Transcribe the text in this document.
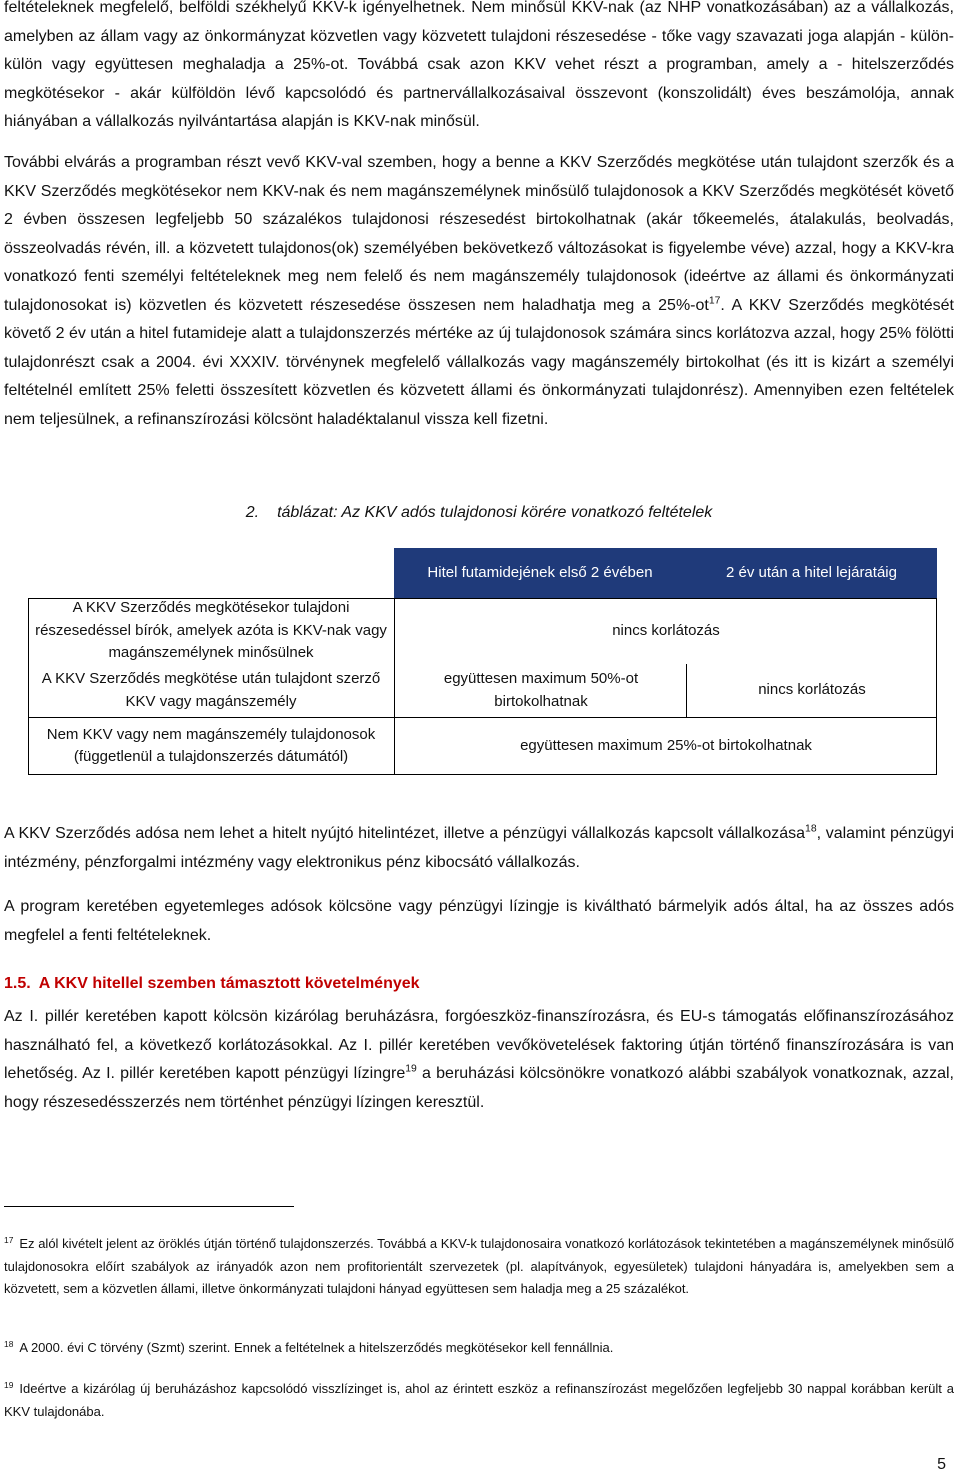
feltételeknek megfelelő, belföldi székhelyű KKV-k igényelhetnek. Nem minősül KKV-nak (az NHP vonatkozásában) az a vállalkozás, amelyben az állam vagy az önkormányzat közvetlen vagy közvetett tulajdoni részesedése - tőke vagy szavazati joga alapján - külön-külön vagy együttesen meghaladja a 25%-ot. Továbbá csak azon KKV vehet részt a programban, amely a - hitelszerződés megkötésekor - akár külföldön lévő kapcsolódó és partnervállalkozásaival összevont (konszolidált) éves beszámolója, annak hiányában a vállalkozás nyilvántartása alapján is KKV-nak minősül.

További elvárás a programban részt vevő KKV-val szemben, hogy a benne a KKV Szerződés megkötése után tulajdont szerzők és a KKV Szerződés megkötésekor nem KKV-nak és nem magánszemélynek minősülő tulajdonosok a KKV Szerződés megkötését követő 2 évben összesen legfeljebb 50 százalékos tulajdonosi részesedést birtokolhatnak (akár tőkeemelés, átalakulás, beolvadás, összeolvadás révén, ill. a közvetett tulajdonos(ok) személyében bekövetkező változásokat is figyelembe véve) azzal, hogy a KKV-kra vonatkozó fenti személyi feltételeknek meg nem felelő és nem magánszemély tulajdonosok (ideértve az állami és önkormányzati tulajdonosokat is) közvetlen és közvetett részesedése összesen nem haladhatja meg a $25\%-ot^{17}$. A KKV Szerződés megkötését követő 2 év után a hitel futamideje alatt a tulajdonszerzés mértéke az új tulajdonosok számára sincs korlátozva azzal, hogy 25% fölötti tulajdonrészt csak a 2004. évi XXXIV. törvénynek megfelelő vállalkozás vagy magánszemély birtokolhat (és itt is kizárt a személyi feltételnél említett 25% feletti összesített közvetlen és közvetett állami és önkormányzati tulajdonrész). Amennyiben ezen feltételek nem teljesülnek, a refinanszírozási kölcsönt haladéktalanul vissza kell fizetni.

2. táblázat: Az KKV adós tulajdonosi körére vonatkozó feltételek
Hitel futamidejének első 2 évében	2 év után a hitel lejáratáig
A KKV Szerződés megkötésekor tulajdoni részesedéssel bírók, amelyek azóta is KKV-nak vagy magánszemélynek minősülnek
nincs korlátozás
A KKV Szerződés megkötése után tulajdont szerző KKV vagy magánszemély
együttesen maximum 50%-ot birtokolhatnak
nincs korlátozás
Nem KKV vagy nem magánszemély tulajdonosok (függetlenül a tulajdonszerzés dátumától)
együttesen maximum 25%-ot birtokolhatnak

A KKV Szerződés adósa nem lehet a hitelt nyújtó hitelintézet, illetve a pénzügyi vállalkozás kapcsolt vállalkozása$^{18}$, valamint pénzügyi intézmény, pénzforgalmi intézmény vagy elektronikus pénz kibocsátó vállalkozás.

A program keretében egyetemleges adósok kölcsöne vagy pénzügyi lízingje is kiváltható bármelyik adós által, ha az összes adós megfelel a fenti feltételeknek.

1.5. A KKV hitellel szemben támasztott követelmények

Az I. pillér keretében kapott kölcsön kizárólag beruházásra, forgóeszköz-finanszírozásra, és EU-s támogatás előfinanszírozásához használható fel, a következő korlátozásokkal. Az I. pillér keretében vevőkövetelések faktoring útján történő finanszírozására is van lehetőség. Az I. pillér keretében kapott pénzügyi lízingre$^{19}$ a beruházási kölcsönökre vonatkozó alábbi szabályok vonatkoznak, azzal, hogy részesedésszerzés nem történhet pénzügyi lízingen keresztül.

$^{17}$ Ez alól kivételt jelent az öröklés útján történő tulajdonszerzés. Továbbá a KKV-k tulajdonosaira vonatkozó korlátozások tekintetében a magánszemélynek minősülő tulajdonosokra előírt szabályok az irányadók azon nem profitorientált szervezetek (pl. alapítványok, egyesületek) tulajdoni hányadára is, amelyekben sem a közvetett, sem a közvetlen állami, illetve önkormányzati tulajdoni hányad együttesen sem haladja meg a 25 százalékot.
$^{18}$ A 2000. évi C törvény (Szmt) szerint. Ennek a feltételnek a hitelszerződés megkötésekor kell fennállnia.
$^{19}$ Ideértve a kizárólag új beruházáshoz kapcsolódó visszlízinget is, ahol az érintett eszköz a refinanszírozást megelőzően legfeljebb 30 nappal korábban került a KKV tulajdonába.
5
